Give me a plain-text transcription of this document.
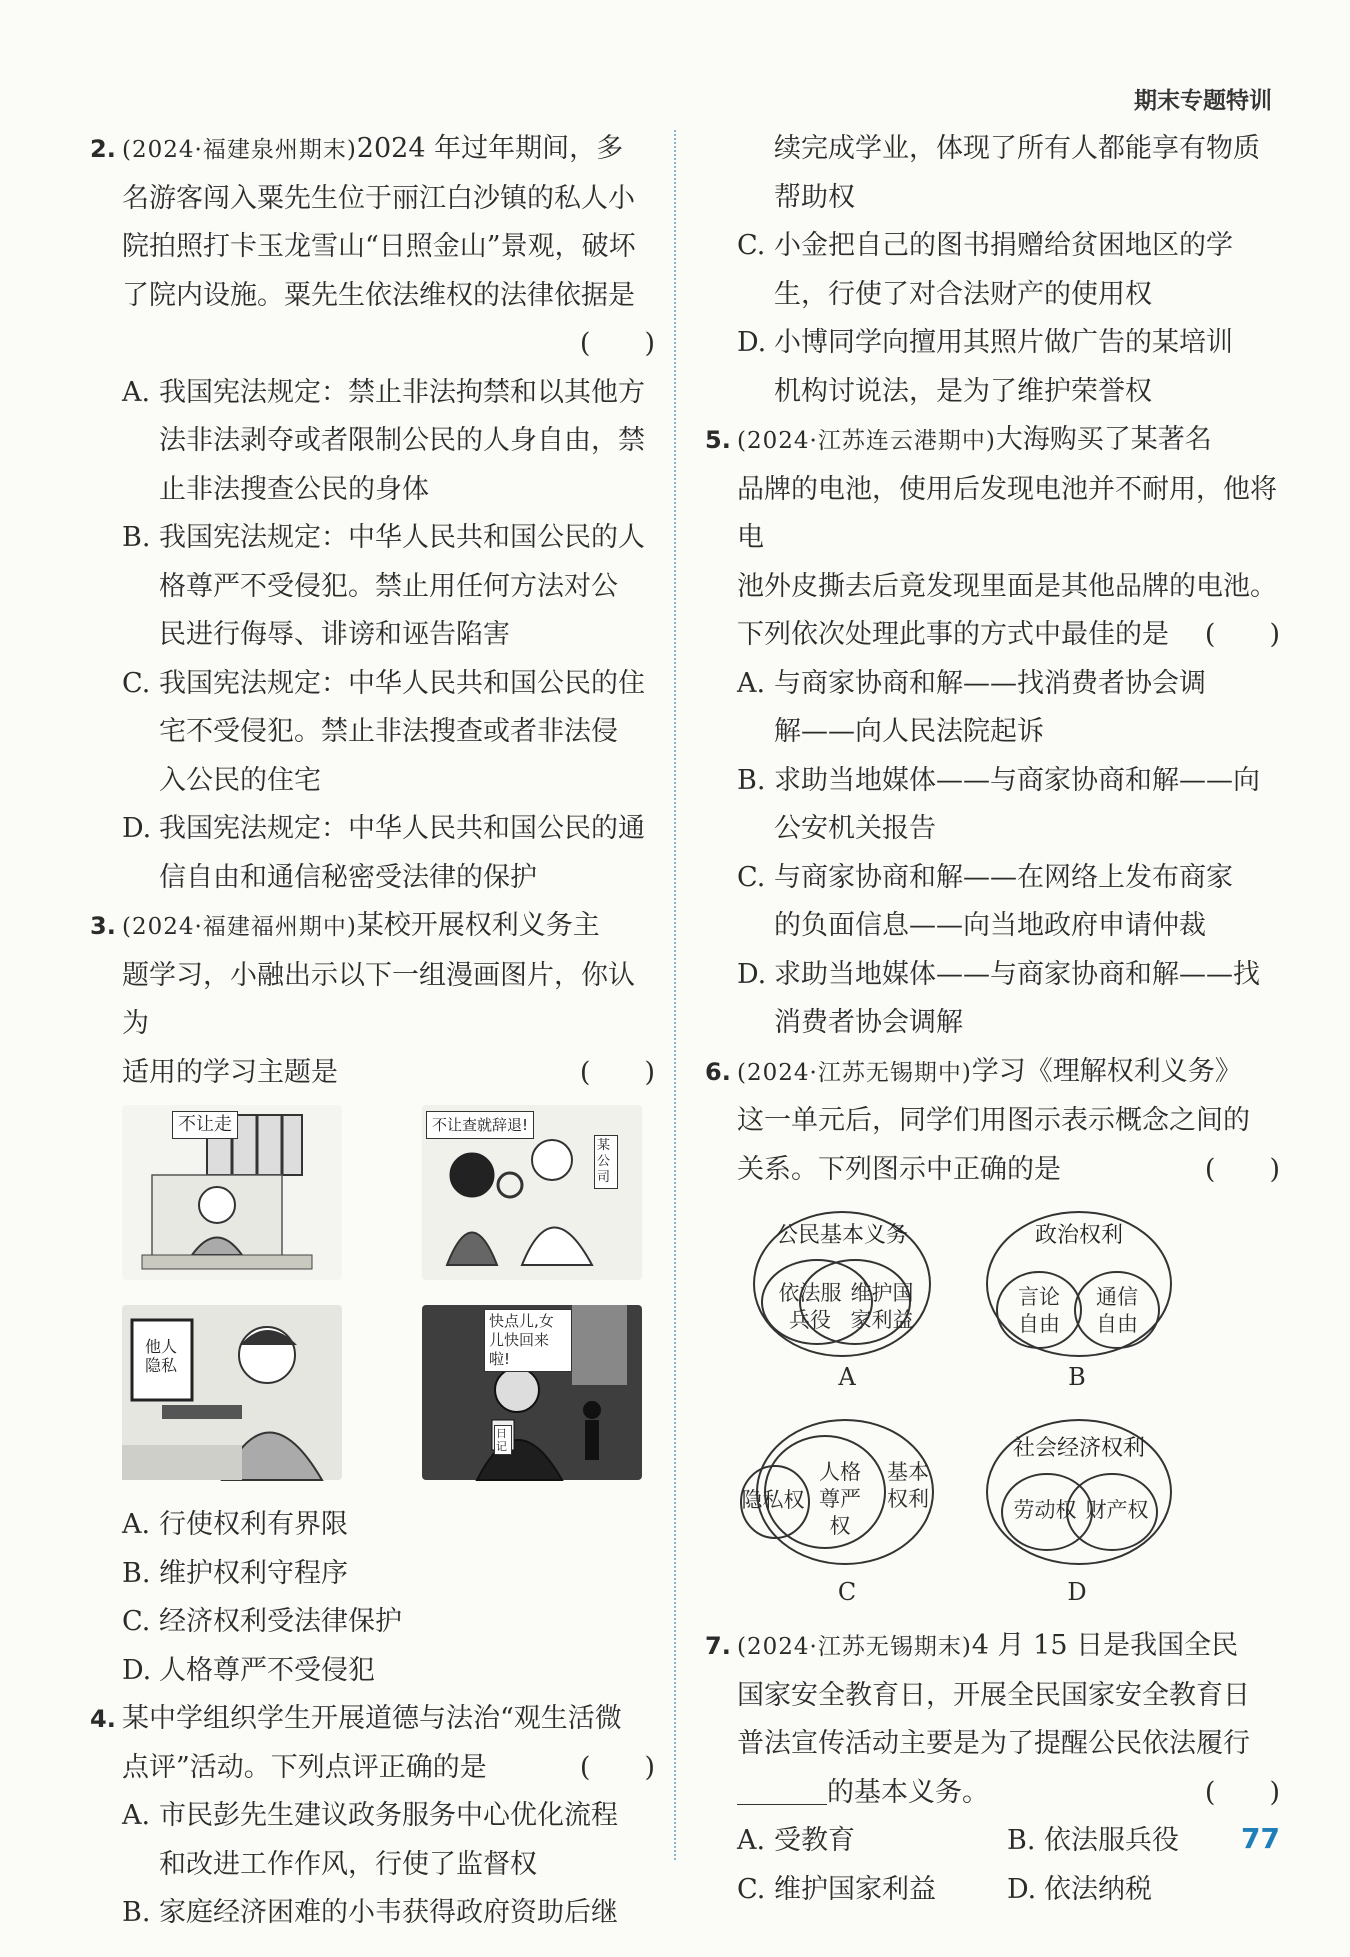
期末专题特训
2. (2024·福建泉州期末)2024 年过年期间，多
名游客闯入粟先生位于丽江白沙镇的私人小
院拍照打卡玉龙雪山“日照金山”景观，破坏
了院内设施。粟先生依法维权的法律依据是
(　　)
A. 我国宪法规定：禁止非法拘禁和以其他方
法非法剥夺或者限制公民的人身自由，禁
止非法搜查公民的身体
B. 我国宪法规定：中华人民共和国公民的人
格尊严不受侵犯。禁止用任何方法对公
民进行侮辱、诽谤和诬告陷害
C. 我国宪法规定：中华人民共和国公民的住
宅不受侵犯。禁止非法搜查或者非法侵
入公民的住宅
D. 我国宪法规定：中华人民共和国公民的通
信自由和通信秘密受法律的保护
3. (2024·福建福州期中)某校开展权利义务主
题学习，小融出示以下一组漫画图片，你认为
适用的学习主题是	(　　)
不让走	不让查就辞退!
某公司
他人隐私
快点儿,女儿快回来啦!
日记
A. 行使权利有界限
B. 维护权利守程序
C. 经济权利受法律保护
D. 人格尊严不受侵犯
4. 某中学组织学生开展道德与法治“观生活微
点评”活动。下列点评正确的是	(　　)
A. 市民彭先生建议政务服务中心优化流程
和改进工作作风，行使了监督权
B. 家庭经济困难的小韦获得政府资助后继
续完成学业，体现了所有人都能享有物质
帮助权
C. 小金把自己的图书捐赠给贫困地区的学
生，行使了对合法财产的使用权
D. 小博同学向擅用其照片做广告的某培训
机构讨说法，是为了维护荣誉权
5. (2024·江苏连云港期中)大海购买了某著名
品牌的电池，使用后发现电池并不耐用，他将电
池外皮撕去后竟发现里面是其他品牌的电池。
下列依次处理此事的方式中最佳的是 (　　)
A. 与商家协商和解——找消费者协会调
解——向人民法院起诉
B. 求助当地媒体——与商家协商和解——向
公安机关报告
C. 与商家协商和解——在网络上发布商家
的负面信息——向当地政府申请仲裁
D. 求助当地媒体——与商家协商和解——找
消费者协会调解
6. (2024·江苏无锡期中)学习《理解权利义务》
这一单元后，同学们用图示表示概念之间的
关系。下列图示中正确的是	(　　)
公民基本义务
依法服兵役
维护国家利益
A
政治权利
言论自由
通信自由
B
隐私权
人格尊严权
基本权利
C
社会经济权利
劳动权 财产权
D
7. (2024·江苏无锡期末)4 月 15 日是我国全民
国家安全教育日，开展全民国家安全教育日
普法宣传活动主要是为了提醒公民依法履行
的基本义务。	(　　)
A. 受教育	B. 依法服兵役
C. 维护国家利益	D. 依法纳税
77
